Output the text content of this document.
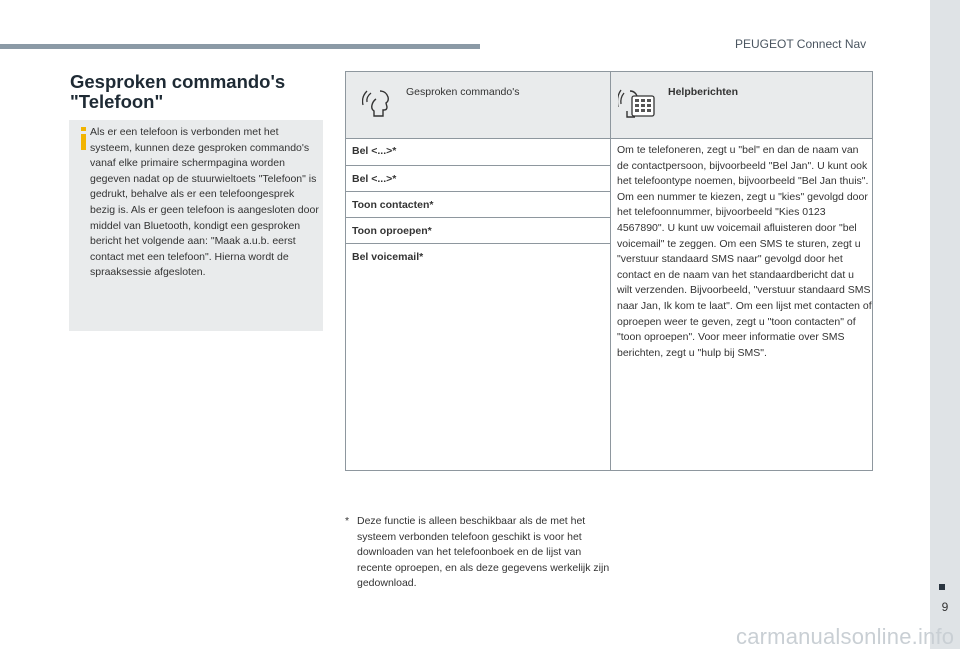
PEUGEOT Connect Nav
9
carmanualsonline.info
Gesproken commando's "Telefoon"
Als er een telefoon is verbonden met het systeem, kunnen deze gesproken commando's vanaf elke primaire schermpagina worden gegeven nadat op de stuurwieltoets "Telefoon" is gedrukt, behalve als er een telefoongesprek bezig is. Als er geen telefoon is aangesloten door middel van Bluetooth, kondigt een gesproken bericht het volgende aan: "Maak a.u.b. eerst contact met een telefoon". Hierna wordt de spraaksessie afgesloten.
Gesproken commando's	Helpberichten
Bel <...>*
Bel <...>*
Toon contacten*
Toon oproepen*
Bel voicemail*
Om te telefoneren, zegt u "bel" en dan de naam van de contactpersoon, bijvoorbeeld "Bel Jan". U kunt ook het telefoontype noemen, bijvoorbeeld "Bel Jan thuis". Om een nummer te kiezen, zegt u "kies" gevolgd door het telefoonnummer, bijvoorbeeld "Kies 0123 4567890". U kunt uw voicemail afluisteren door "bel voicemail" te zeggen. Om een SMS te sturen, zegt u "verstuur standaard SMS naar" gevolgd door het contact en de naam van het standaardbericht dat u wilt verzenden. Bijvoorbeeld, "verstuur standaard SMS naar Jan, Ik kom te laat". Om een lijst met contacten of oproepen weer te geven, zegt u "toon contacten" of "toon oproepen". Voor meer informatie over SMS berichten, zegt u "hulp bij SMS".
* Deze functie is alleen beschikbaar als de met het systeem verbonden telefoon geschikt is voor het downloaden van het telefoonboek en de lijst van recente oproepen, en als deze gegevens werkelijk zijn gedownload.
